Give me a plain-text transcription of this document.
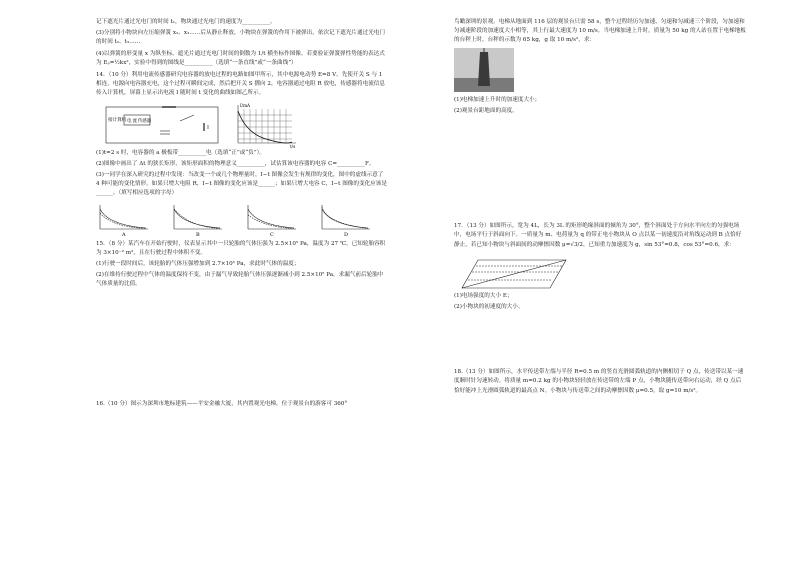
记下遮光片通过光电门的时间 t₁，物块通过光电门的速度为__________。

(3)分别将小物块向左压缩弹簧 x₂、x₃……后从静止释放，小物块在弹簧的作用下被弹出，依次记下遮光片通过光电门的时间 t₂、t₃……

(4)以弹簧的形变量 x 为纵坐标，遮光片通过光电门时间的倒数为 1/t 横坐标作图像。若要验证弹簧弹性势能的表达式为 Eₚ=½kx²，实验中得到的图线是__________（选填“一条直线”或“一条曲线”）

14．（10 分）利用电流传感器研究电容器的放电过程的电路如图甲所示，其中电源电动势 E=8 V。先使开关 S 与 1 相连，电源向电容器充电，这个过程可瞬间完成，然后把开关 S 掷向 2，电容器通过电阻 R 放电，传感器将电流信息传入计算机，屏幕上显示出电流 I 随时间 t 变化的曲线如图乙所示。

接计算机 电 流 传感器
I/mA
t/s

(1)t=2 s 时，电容器的 a 极板带__________电（选填“正”或“负”）。

(2)图像中画出了 Δt 的狭长矩形，该矩形面积的物理意义__________，试估算该电容器的电容 C=__________F。

(3)一同学在深入研究的过程中发现：当改变一个或几个物理量时，I−t 图像会发生有规律的变化，图中的虚线示意了 4 种可能的变化情形。如果只增大电阻 R，I−t 图像的变化应该是______；如果只增大电容 C，I−t 图像的变化应该是______。（填写相应选项的字母）

A	B	C	D

15．（8 分）某汽车在开始行驶时，仪表显示其中一只轮胎的气体压强为 2.5×10⁵ Pa，温度为 27 ℃。已知轮胎容积为 3×10⁻² m³，且在行驶过程中体积不变。

(1)行驶一段时间后，该轮胎的气体压强增加到 2.7×10⁵ Pa，求此时气体的温度；

(2)在维持行驶过程中气体的温度保持不变，由于漏气导致轮胎气体压强逐渐减小到 2.5×10⁵ Pa，求漏气前后轮胎中气体质量的比值。

16.（10 分）图示为深圳市地标建筑——平安金融大厦，其内置观光电梯，位于观景台的游客可 360°

鸟瞰深圳的景观。电梯从地面到 116 层的观景台只需 58 s，整个过程经历匀加速、匀速和匀减速三个阶段，匀加速和匀减速阶段的加速度大小相等，其上行最大速度为 10 m/s。当电梯加速上升时，质量为 50 kg 的人站在置于电梯地板的台秤上时，台秤的示数为 65 kg，g 取 10 m/s²，求：

(1)电梯加速上升时的加速度大小；

(2)观景台距地面的高度。

17．（13 分）如图所示，宽为 4L，长为 3L 的矩形绝缘斜面的倾角为 30°，整个斜面处于方向水平向左的匀强电场中，电场平行于斜面向下。一质量为 m、电荷量为 q 的带正电小物块从 O 点以某一初速度沿对角线运动到 B 点恰好静止，若已知小物块与斜面间的动摩擦因数 μ=√3/2，已知重力加速度为 g，sin 53°=0.8，cos 53°=0.6，求：

(1)电场强度的大小 E；

(2)小物块的初速度的大小。

18.（13 分）如图所示，水平传送带左端与半径 R=0.5 m 的竖直光滑圆弧轨道的内侧相切于 Q 点，传送带以某一速度顺时针匀速转动。将质量 m=0.2 kg 的小物块轻轻放在传送带的左端 P 点，小物块随传送带向右运动，经 Q 点后恰好能冲上光滑圆弧轨道的最高点 N。小物块与传送带之间的动摩擦因数 μ=0.5，取 g=10 m/s²。
